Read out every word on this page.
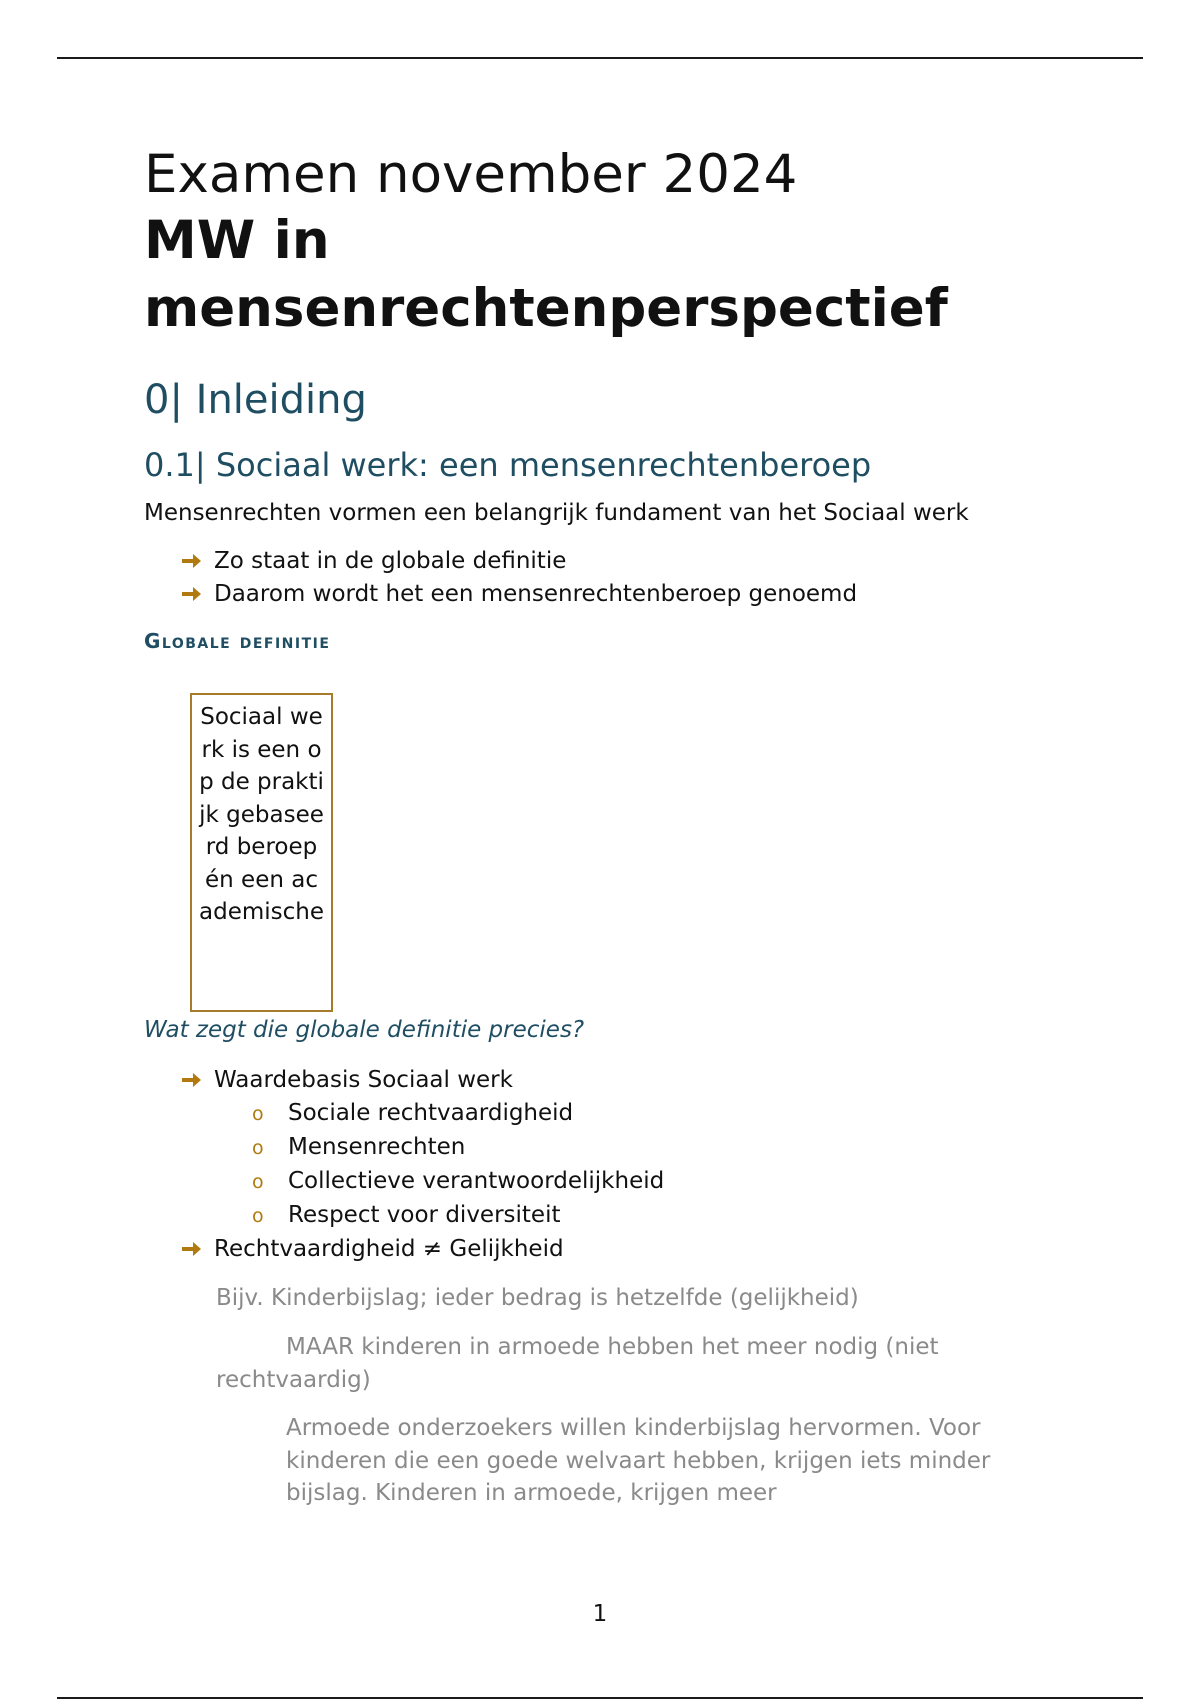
Examen november 2024
MW in
mensenrechtenperspectief
0| Inleiding
0.1| Sociaal werk: een mensenrechtenberoep
Mensenrechten vormen een belangrijk fundament van het Sociaal werk
Zo staat in de globale definitie
Daarom wordt het een mensenrechtenberoep genoemd
Globale definitie
Sociaal werk is een op de praktijk gebaseerd beroep én een academische
Wat zegt die globale definitie precies?
Waardebasis Sociaal werk
o Sociale rechtvaardigheid
o Mensenrechten
o Collectieve verantwoordelijkheid
o Respect voor diversiteit
Rechtvaardigheid ≠ Gelijkheid
Bijv. Kinderbijslag; ieder bedrag is hetzelfde (gelijkheid)
MAAR kinderen in armoede hebben het meer nodig (niet rechtvaardig)
Armoede onderzoekers willen kinderbijslag hervormen. Voor kinderen die een goede welvaart hebben, krijgen iets minder bijslag. Kinderen in armoede, krijgen meer
1
